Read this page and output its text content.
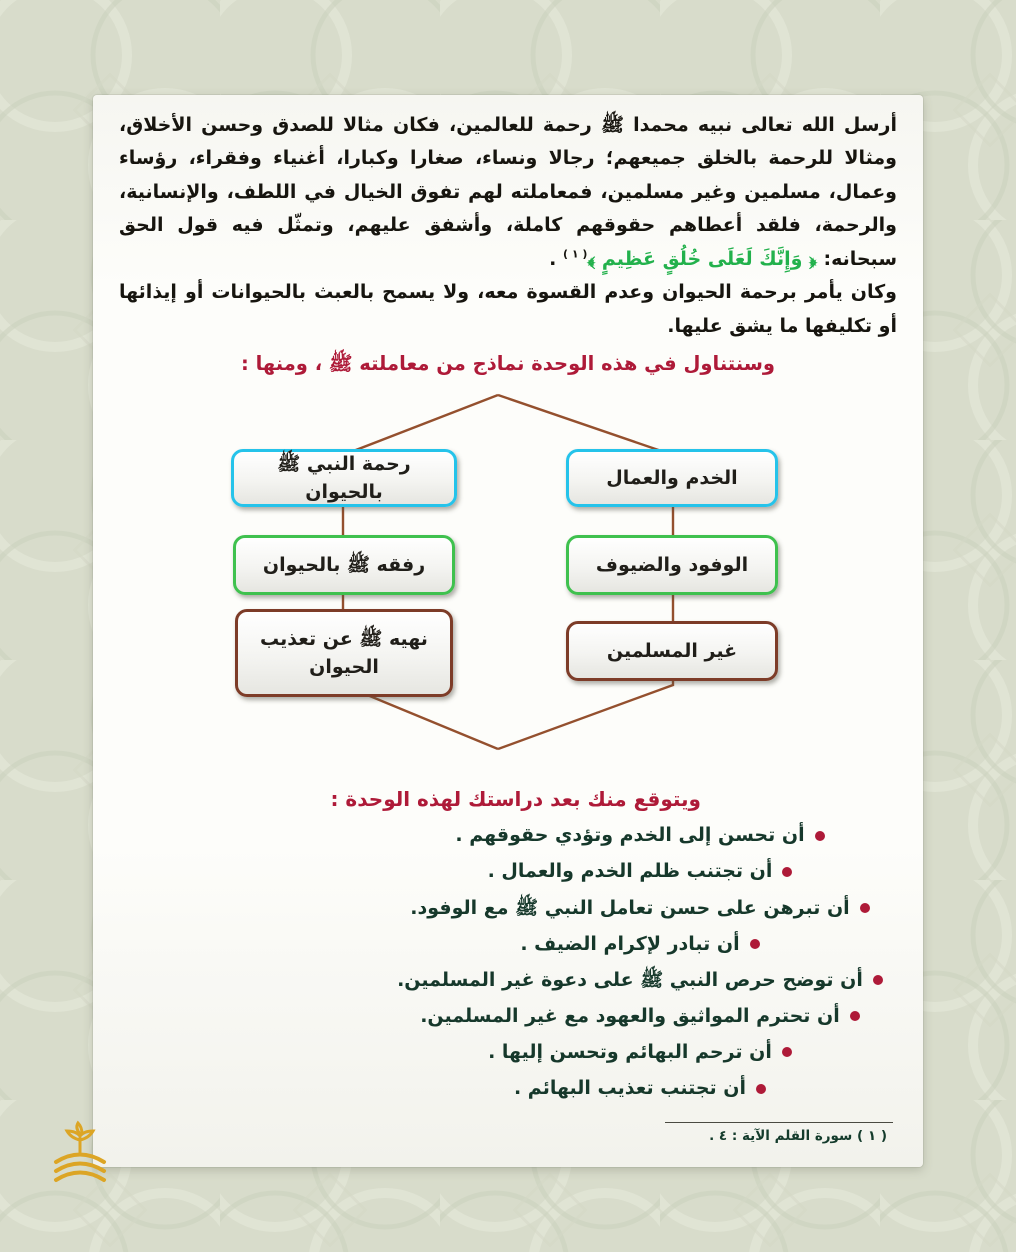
أرسل الله تعالى نبيه محمدا ﷺ رحمة للعالمين، فكان مثالا للصدق وحسن الأخلاق، ومثالا للرحمة بالخلق جميعهم؛ رجالا ونساء، صغارا وكبارا، أغنياء وفقراء، رؤساء وعمال، مسلمين وغير مسلمين، فمعاملته لهم تفوق الخيال في اللطف، والإنسانية، والرحمة، فلقد أعطاهم حقوقهم كاملة، وأشفق عليهم، وتمثّل فيه قول الحق سبحانه: ﴿ وَإِنَّكَ لَعَلَى خُلُقٍ عَظِيمٍ ﴾$^{( ١ )}$ .

وكان يأمر برحمة الحيوان وعدم القسوة معه، ولا يسمح بالعبث بالحيوانات أو إيذائها أو تكليفها ما يشق عليها.

وسنتناول في هذه الوحدة نماذج من معاملته ﷺ ، ومنها :

الخدم والعمال
الوفود والضيوف
غير المسلمين
رحمة النبي ﷺ بالحيوان
رفقه ﷺ بالحيوان
نهيه ﷺ عن تعذيب الحيوان

ويتوقع منك بعد دراستك لهذه الوحدة :

أن تحسن إلى الخدم وتؤدي حقوقهم .
أن تجتنب ظلم الخدم والعمال .
أن تبرهن على حسن تعامل النبي ﷺ مع الوفود.
أن تبادر لإكرام الضيف .
أن توضح حرص النبي ﷺ على دعوة غير المسلمين.
أن تحترم المواثيق والعهود مع غير المسلمين.
أن ترحم البهائم وتحسن إليها .
أن تجتنب تعذيب البهائم .
( ١ ) سورة القلم الآية : ٤ .
